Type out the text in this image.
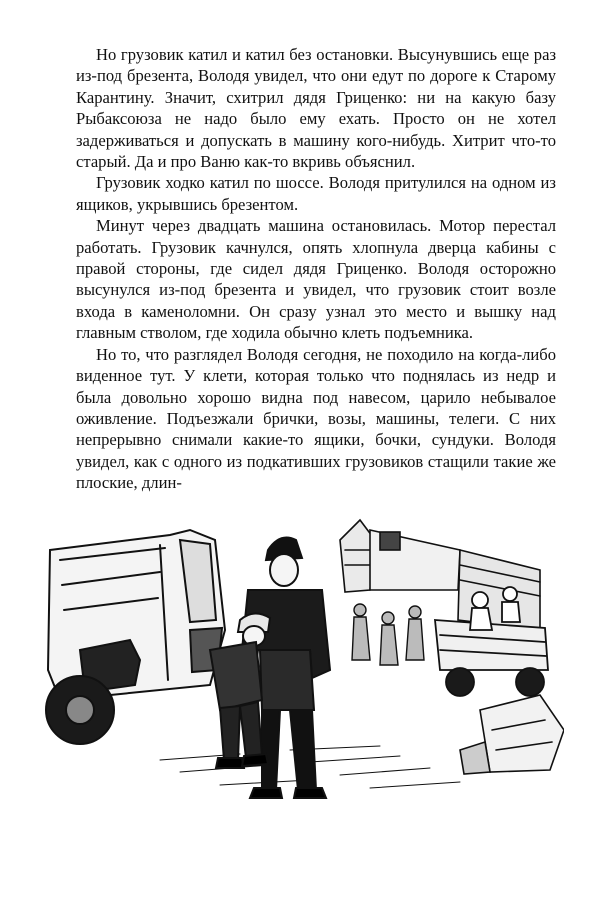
Но грузовик катил и катил без остановки. Высунувшись еще раз из-под брезента, Володя увидел, что они едут по дороге к Старому Карантину. Значит, схитрил дядя Гриценко: ни на какую базу Рыбаксоюза не надо было ему ехать. Просто он не хотел задерживаться и допускать в машину кого-нибудь. Хитрит что-то старый. Да и про Ваню как-то вкривь объяснил.

Грузовик ходко катил по шоссе. Володя притулился на одном из ящиков, укрывшись брезентом.

Минут через двадцать машина остановилась. Мотор перестал работать. Грузовик качнулся, опять хлопнула дверца кабины с правой стороны, где сидел дядя Гриценко. Володя осторожно высунулся из-под брезента и увидел, что грузовик стоит возле входа в каменоломни. Он сразу узнал это место и вышку над главным стволом, где ходила обычно клеть подъемника.

Но то, что разглядел Володя сегодня, не походило на когда-либо виденное тут. У клети, которая только что поднялась из недр и была довольно хорошо видна под навесом, царило небывалое оживление. Подъезжали брички, возы, машины, телеги. С них непрерывно снимали какие-то ящики, бочки, сундуки. Володя увидел, как с одного из подкативших грузовиков стащили такие же плоские, длин-
